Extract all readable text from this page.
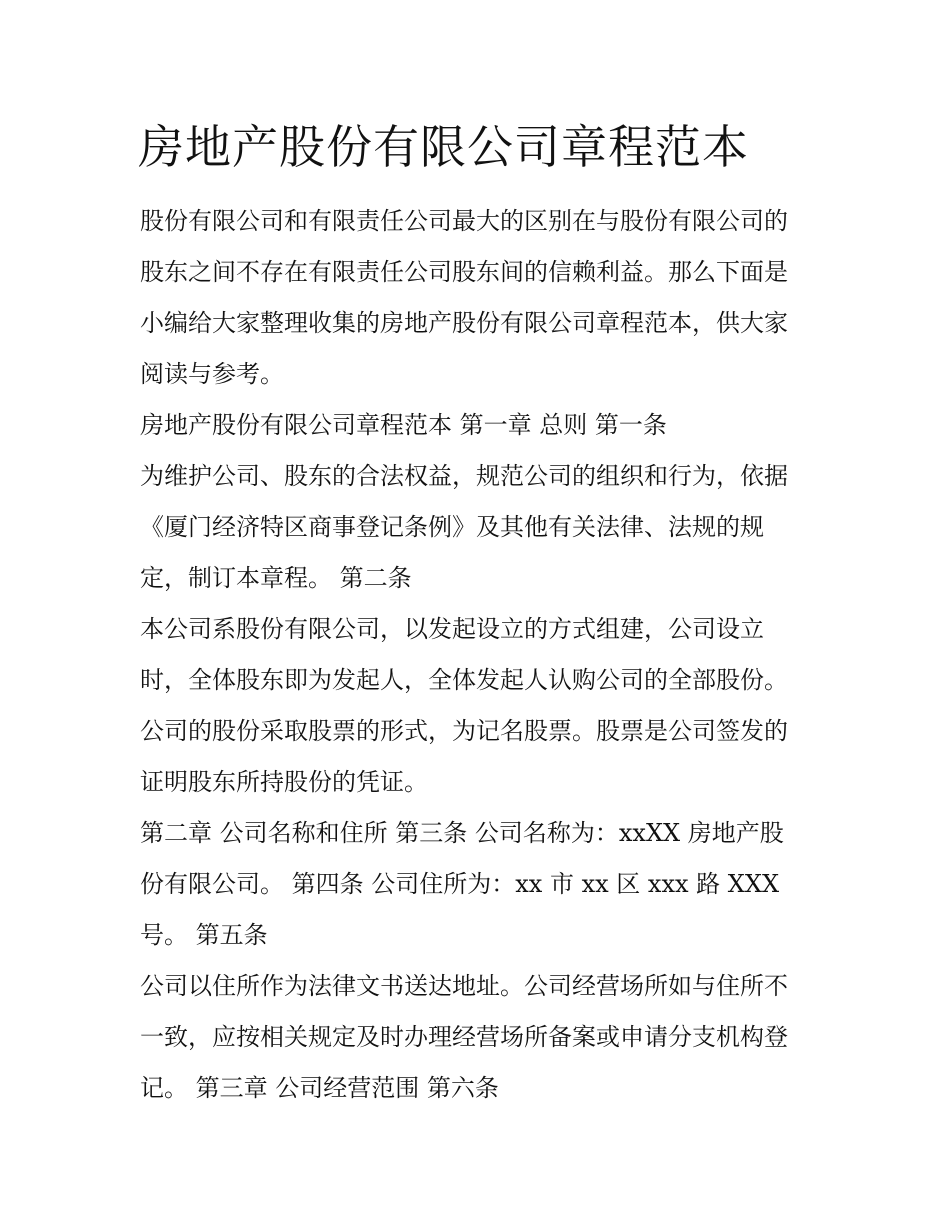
房地产股份有限公司章程范本

股份有限公司和有限责任公司最大的区别在与股份有限公司的
股东之间不存在有限责任公司股东间的信赖利益。那么下面是
小编给大家整理收集的房地产股份有限公司章程范本，供大家
阅读与参考。

房地产股份有限公司章程范本 第一章 总则 第一条

为维护公司、股东的合法权益，规范公司的组织和行为，依据
《厦门经济特区商事登记条例》及其他有关法律、法规的规
定，制订本章程。 第二条

本公司系股份有限公司，以发起设立的方式组建，公司设立
时，全体股东即为发起人，全体发起人认购公司的全部股份。
公司的股份采取股票的形式，为记名股票。股票是公司签发的
证明股东所持股份的凭证。

第二章 公司名称和住所 第三条 公司名称为：xxXX 房地产股
份有限公司。 第四条 公司住所为：xx 市 xx 区 xxx 路 XXX
号。 第五条

公司以住所作为法律文书送达地址。公司经营场所如与住所不
一致，应按相关规定及时办理经营场所备案或申请分支机构登
记。 第三章 公司经营范围 第六条
